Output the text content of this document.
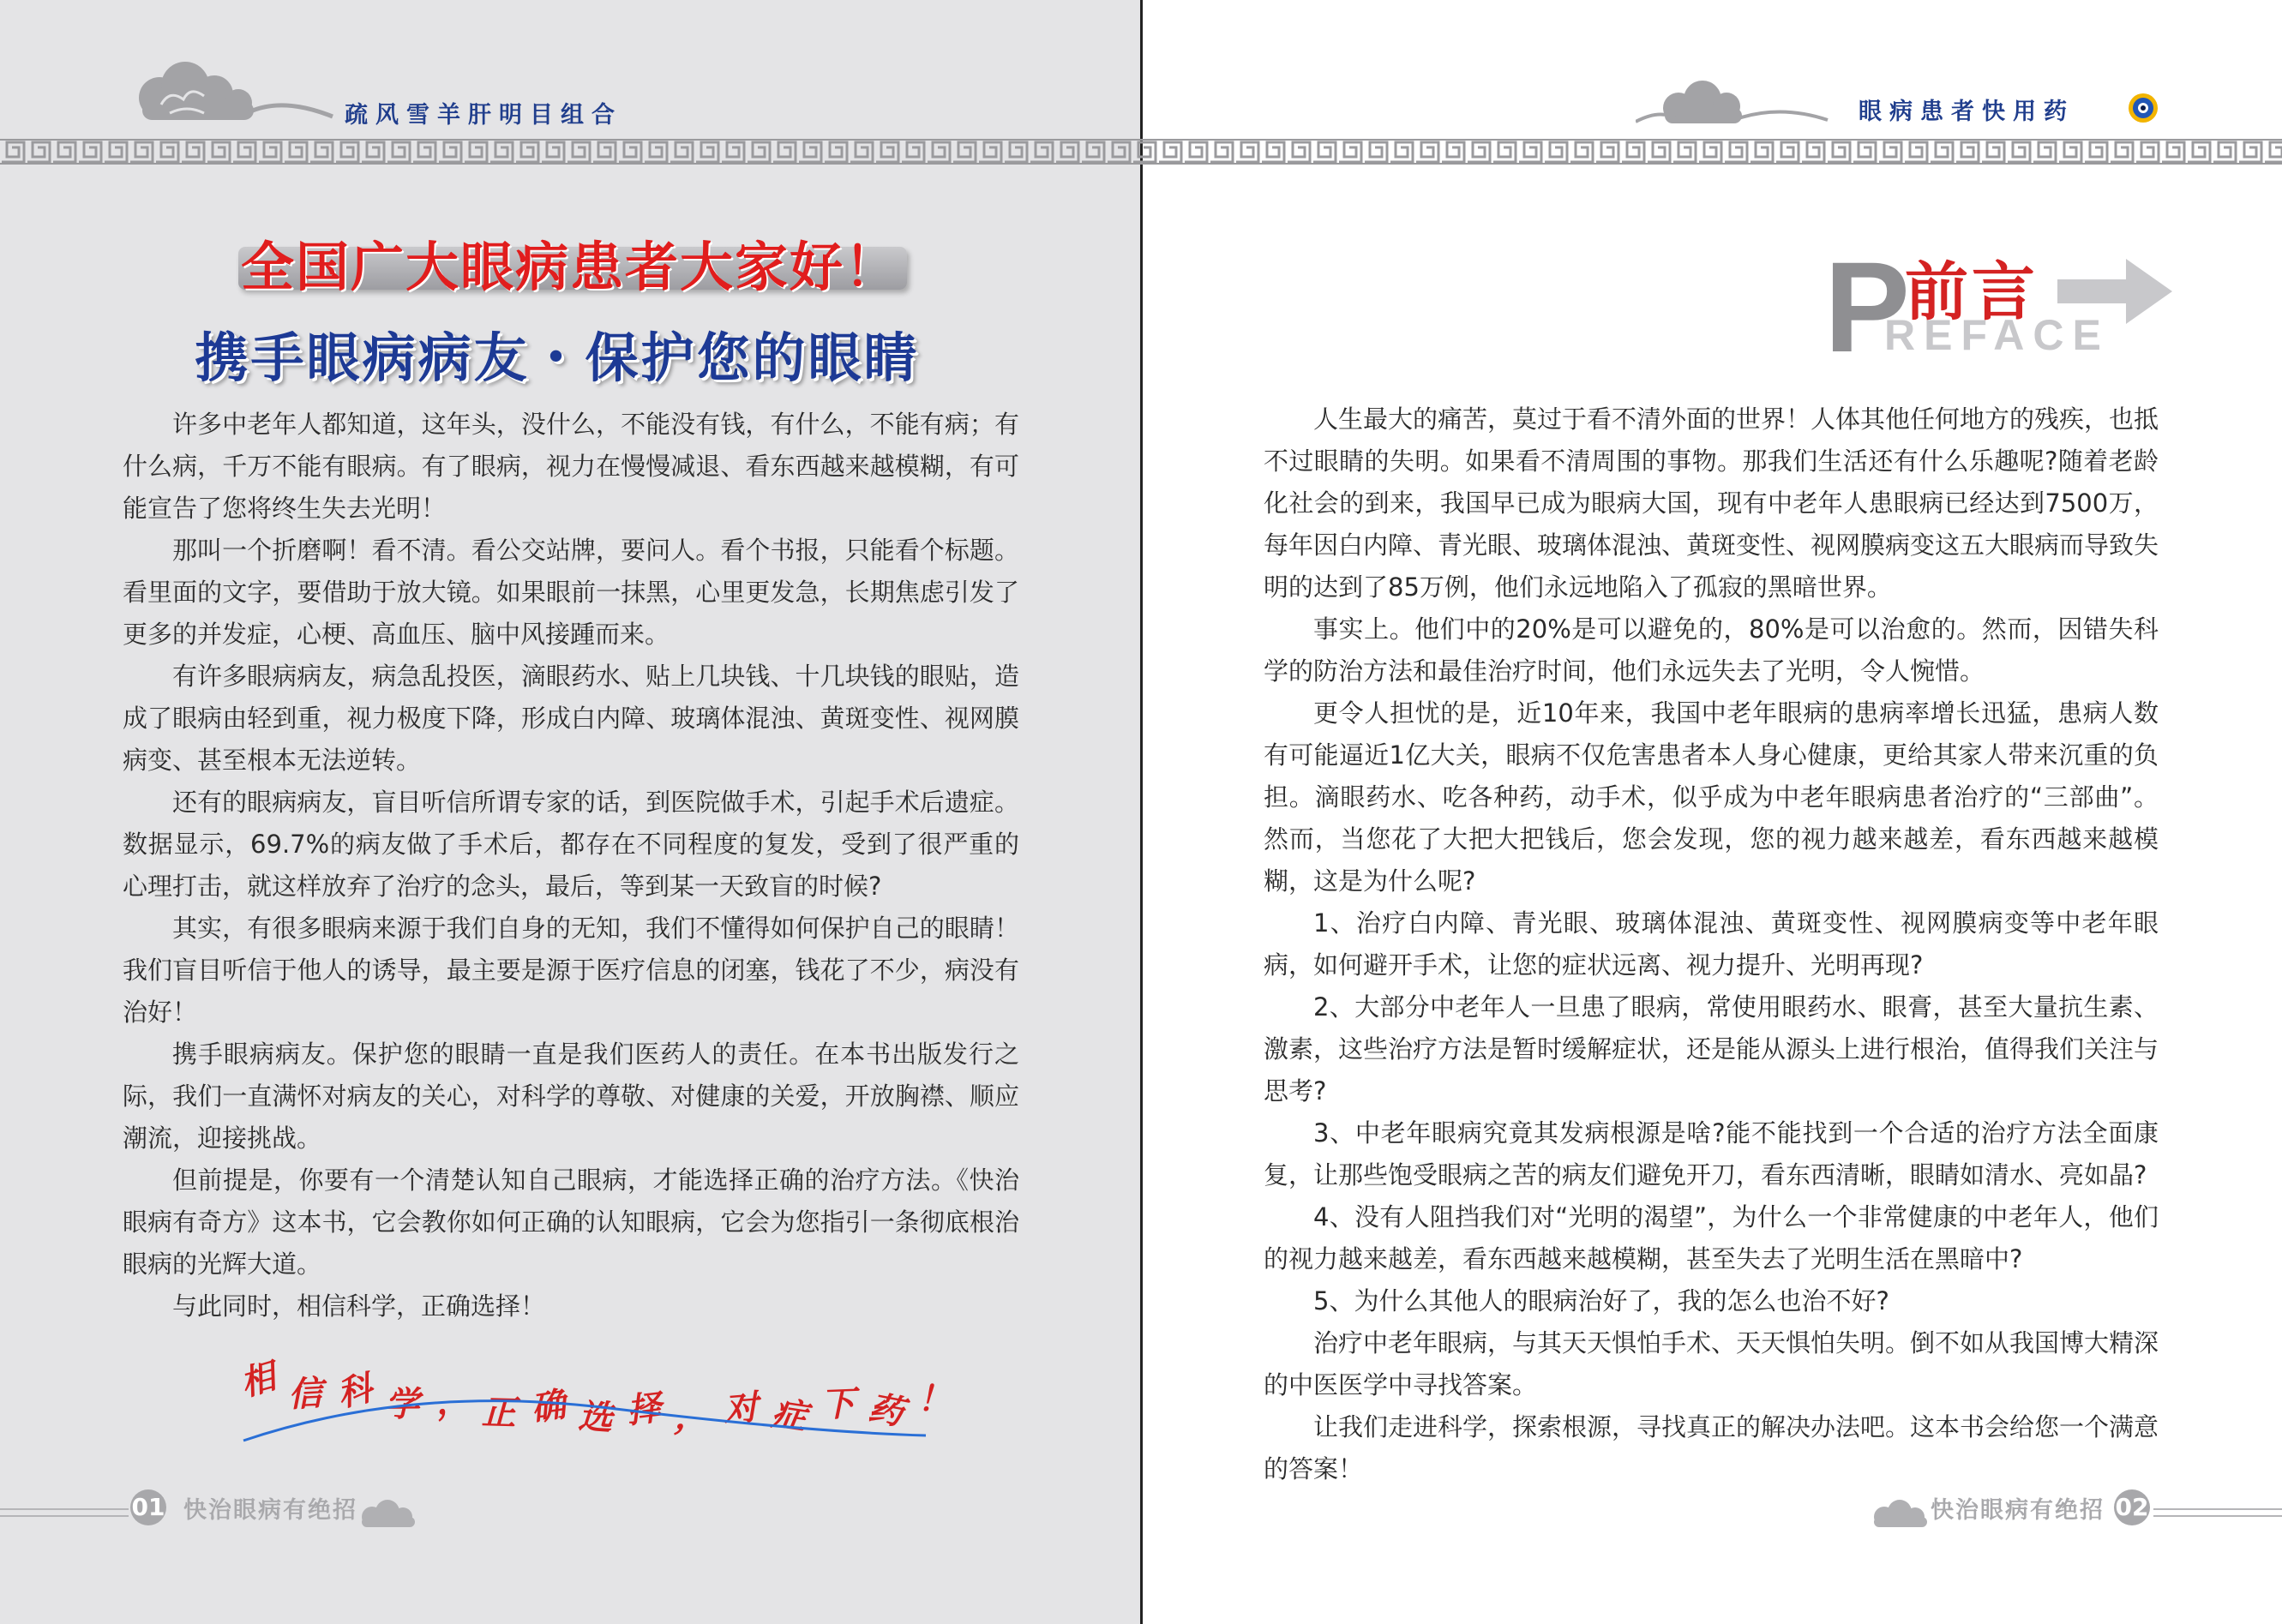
疏风雪羊肝明目组合
全国广大眼病患者大家好！
携手眼病病友・保护您的眼睛

许多中老年人都知道，这年头，没什么，不能没有钱，有什么，不能有病；有什么病，千万不能有眼病。有了眼病，视力在慢慢减退、看东西越来越模糊，有可能宣告了您将终生失去光明！

那叫一个折磨啊！看不清。看公交站牌，要问人。看个书报，只能看个标题。看里面的文字，要借助于放大镜。如果眼前一抹黑，心里更发急，长期焦虑引发了更多的并发症，心梗、高血压、脑中风接踵而来。

有许多眼病病友，病急乱投医，滴眼药水、贴上几块钱、十几块钱的眼贴，造成了眼病由轻到重，视力极度下降，形成白内障、玻璃体混浊、黄斑变性、视网膜病变、甚至根本无法逆转。

还有的眼病病友，盲目听信所谓专家的话，到医院做手术，引起手术后遗症。数据显示，69.7%的病友做了手术后，都存在不同程度的复发，受到了很严重的心理打击，就这样放弃了治疗的念头，最后，等到某一天致盲的时候?

其实，有很多眼病来源于我们自身的无知，我们不懂得如何保护自己的眼睛！我们盲目听信于他人的诱导，最主要是源于医疗信息的闭塞，钱花了不少，病没有治好！

携手眼病病友。保护您的眼睛一直是我们医药人的责任。在本书出版发行之际，我们一直满怀对病友的关心，对科学的尊敬、对健康的关爱，开放胸襟、顺应潮流，迎接挑战。

但前提是，你要有一个清楚认知自己眼病，才能选择正确的治疗方法。《快治眼病有奇方》这本书，它会教你如何正确的认知眼病，它会为您指引一条彻底根治眼病的光辉大道。

与此同时，相信科学，正确选择！

相 信 科 学 ， 正 确 选 择 ， 对 症 下 药 ！
01 快治眼病有绝招
眼病患者快用药
P
前言
REFACE

人生最大的痛苦，莫过于看不清外面的世界！人体其他任何地方的残疾，也抵不过眼睛的失明。如果看不清周围的事物。那我们生活还有什么乐趣呢?随着老龄化社会的到来，我国早已成为眼病大国，现有中老年人患眼病已经达到7500万，每年因白内障、青光眼、玻璃体混浊、黄斑变性、视网膜病变这五大眼病而导致失明的达到了85万例，他们永远地陷入了孤寂的黑暗世界。

事实上。他们中的20%是可以避免的，80%是可以治愈的。然而，因错失科学的防治方法和最佳治疗时间，他们永远失去了光明，令人惋惜。

更令人担忧的是，近10年来，我国中老年眼病的患病率增长迅猛，患病人数有可能逼近1亿大关，眼病不仅危害患者本人身心健康，更给其家人带来沉重的负担。滴眼药水、吃各种药，动手术，似乎成为中老年眼病患者治疗的“三部曲”。然而，当您花了大把大把钱后，您会发现，您的视力越来越差，看东西越来越模糊，这是为什么呢?

1、治疗白内障、青光眼、玻璃体混浊、黄斑变性、视网膜病变等中老年眼病，如何避开手术，让您的症状远离、视力提升、光明再现?

2、大部分中老年人一旦患了眼病，常使用眼药水、眼膏，甚至大量抗生素、激素，这些治疗方法是暂时缓解症状，还是能从源头上进行根治，值得我们关注与思考?

3、中老年眼病究竟其发病根源是啥?能不能找到一个合适的治疗方法全面康复，让那些饱受眼病之苦的病友们避免开刀，看东西清晰，眼睛如清水、亮如晶?

4、没有人阻挡我们对“光明的渴望”，为什么一个非常健康的中老年人，他们的视力越来越差，看东西越来越模糊，甚至失去了光明生活在黑暗中?

5、为什么其他人的眼病治好了，我的怎么也治不好?

治疗中老年眼病，与其天天惧怕手术、天天惧怕失明。倒不如从我国博大精深的中医医学中寻找答案。

让我们走进科学，探索根源，寻找真正的解决办法吧。这本书会给您一个满意的答案！

快治眼病有绝招 02
